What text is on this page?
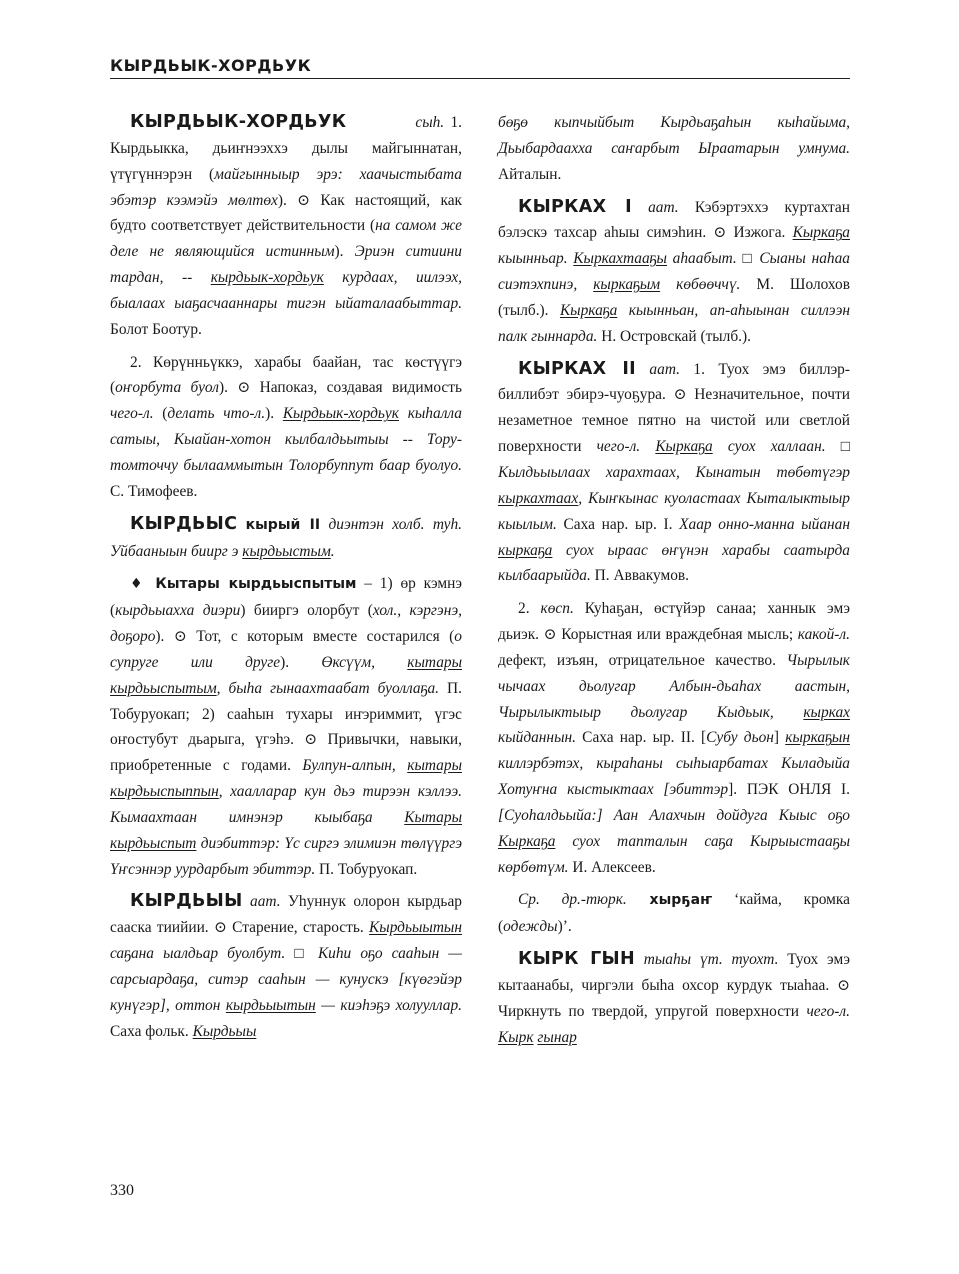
КЫРДЬЫК-ХОРДЬУК

КЫРДЬЫК-ХОРДЬУК	сыһ. 1. Кырдьыкка, дьиҥнээххэ дылы майгыннатан, үтүгүннэрэн (майгынныыр эрэ: хаачыстыбата эбэтэр кээмэйэ мөлтөх). ⊙ Как настоящий, как будто соответствует действительности (на самом же деле не являющийся истинным). Эриэн ситиини тардан, -- кырдьык-хордьук курдаах, иилээх, быалаах ыаҕасчааннары тигэн ыйаталаабыттар. Болот Боотур.

2. Көрүнньүккэ, харабы баайан, тас көстүүгэ (оҥорбута буол). ⊙ Напоказ, создавая видимость чего-л. (делать что-л.). Кырдьык-хордьук кыһалла сатыы, Кыайан-хотон кылбалдьытыы -- Тору-томточчу былааммытын Толорбуппут баар буолуо. С. Тимофеев.

КЫРДЬЫС кырый II диэнтэн холб. туһ. Уйбааныын биирг э кырдьыстым.

♦ Кытары кырдьыспытым – 1) өр кэмнэ (кырдьыахха диэри) бииргэ олорбут (хол., кэргэнэ, доҕоро). ⊙ Тот, с которым вместе состарился (о супруге или друге). Өксүүм, кытары кырдьыспытым, быһа гынаахтаабат буоллаҕа. П. Тобуруокап; 2) сааһын тухары иҥэриммит, үгэс оҥостубут дьарыга, үгэһэ. ⊙ Привычки, навыки, приобретенные с годами. Булпун-алпын, кытары кырдьыспыппын, хаалларар кун дьэ тирээн кэллээ. Кымаахтаан имнэнэр кыыбаҕа Кытары кырдьыспыт диэбиттэр: Үс сиргэ элимиэн төлүүргэ Үҥсэннэр уурдарбыт эбиттэр. П. Тобуруокап.

КЫРДЬЫЫ аат. Уһуннук олорон кырдьар сааска тиийии. ⊙ Старение, старость. Кырдьыытын саҕана ыалдьар буолбут. □ Киһи оҕо сааһын — сарсыардаҕа, ситэр сааһын — кунускэ [күөгэйэр кунүгэр], оттон кырдьыытын — киэһэҕэ холууллар. Саха фольк. Кырдьыы

бөҕө кыпчыйбыт Кырдьаҕаһын кыһайыма, Дьыбардаахха саҥарбыт Ыраатарын умнума. Айталын.

КЫРКАХ I аат. Кэбэртэххэ куртахтан бэлэскэ тахсар аһыы симэһин. ⊙ Изжога. Кыркаҕа кыынньар. Кыркахтааҕы аһаабыт. □ Сыаны наһаа сиэтэхпинэ, кыркаҕым көбөөччү. М. Шолохов (тылб.). Кыркаҕа кыынньан, ап-аһыынан силлээн палк гыннарда. Н. Островскай (тылб.).

КЫРКАХ II аат. 1. Туох эмэ биллэр-биллибэт эбирэ-чуоҕура. ⊙ Незначительное, почти незаметное темное пятно на чистой или светлой поверхности чего-л. Кыркаҕа суох халлаан. □ Кылдьыылаах харахтаах, Кынатын төбөтүгэр кыркахтаах, Кыҥкынас куоластаах Кыталыктыыр кыылым. Саха нар. ыр. I. Хаар онно-манна ыйанан кыркаҕа суох ыраас өҥүнэн харабы саатырда кылбаарыйда. П. Аввакумов.

2. көсп. Куһаҕан, өстүйэр санаа; ханнык эмэ дьиэк. ⊙ Корыстная или враждебная мысль; какой-л. дефект, изъян, отрицательное качество. Чырылык чычаах дьолугар Албын-дьаһах аастын, Чырылыктыыр дьолугар Кыдьык, кырках кыйданнын. Саха нар. ыр. II. [Субу дьон] кыркаҕын киллэрбэтэх, кыраһаны сыһыарбатах Кыладыйа Хотуҥна кыстыктаах [эбиттэр]. ПЭК ОНЛЯ I. [Суоһалдьыйа:] Аан Алахчын дойдуга Кыыс оҕо Кыркаҕа суох тапталын саҕа Кырыыстааҕы көрбөтүм. И. Алексеев.

Ср. др.-тюрк. хырҕаҥ ‘кайма, кромка (одежды)’.

КЫРК ГЫН тыаһы үт. туохт. Туох эмэ кытаанабы, чиргэли быһа охсор курдук тыаһаа. ⊙ Чиркнуть по твердой, упругой поверхности чего-л. Кырк гынар

330
